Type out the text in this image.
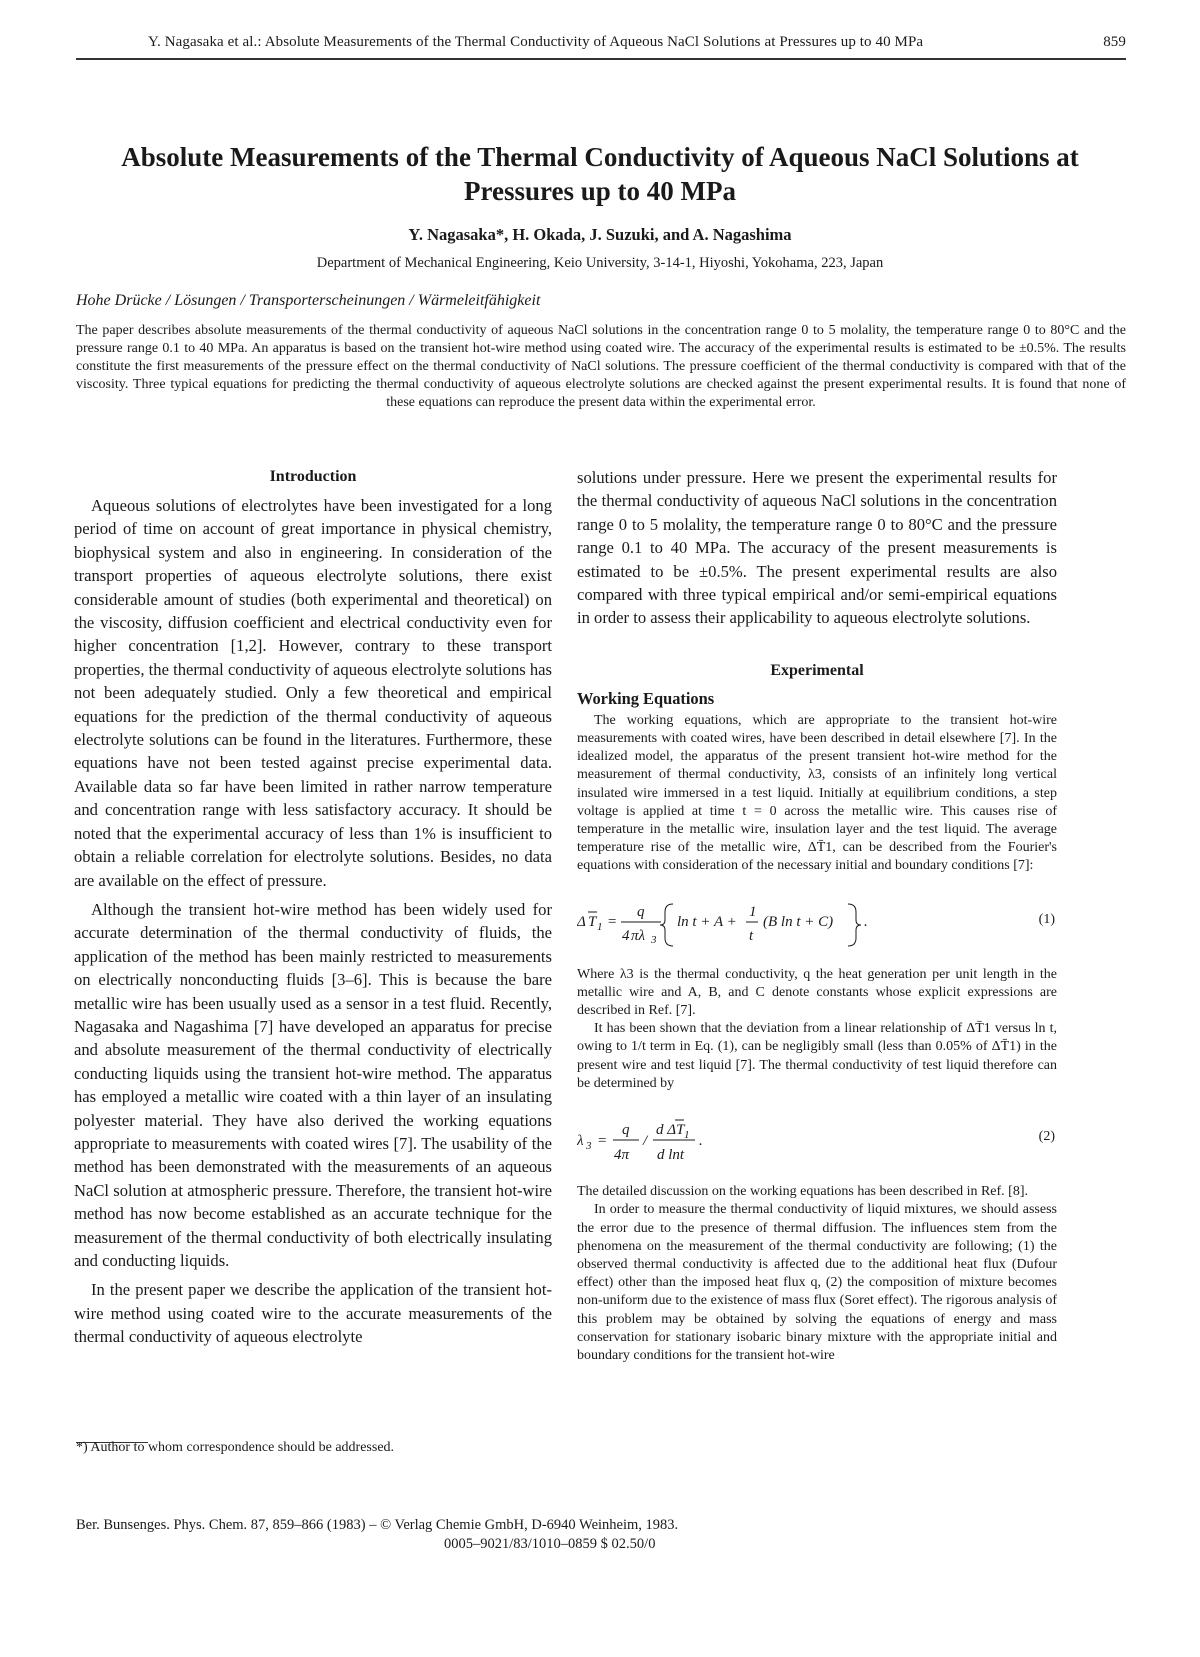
Y. Nagasaka et al.: Absolute Measurements of the Thermal Conductivity of Aqueous NaCl Solutions at Pressures up to 40 MPa	859
Absolute Measurements of the Thermal Conductivity of Aqueous NaCl Solutions at Pressures up to 40 MPa
Y. Nagasaka*, H. Okada, J. Suzuki, and A. Nagashima
Department of Mechanical Engineering, Keio University, 3-14-1, Hiyoshi, Yokohama, 223, Japan
Hohe Drücke / Lösungen / Transporterscheinungen / Wärmeleitfähigkeit

The paper describes absolute measurements of the thermal conductivity of aqueous NaCl solutions in the concentration range 0 to 5 molality, the temperature range 0 to 80°C and the pressure range 0.1 to 40 MPa. An apparatus is based on the transient hot-wire method using coated wire. The accuracy of the experimental results is estimated to be ±0.5%. The results constitute the first measurements of the pressure effect on the thermal conductivity of NaCl solutions. The pressure coefficient of the thermal conductivity is compared with that of the viscosity. Three typical equations for predicting the thermal conductivity of aqueous electrolyte solutions are checked against the present experimental results. It is found that none of these equations can reproduce the present data within the experimental error.

Introduction

Aqueous solutions of electrolytes have been investigated for a long period of time on account of great importance in physical chemistry, biophysical system and also in engineering. In consideration of the transport properties of aqueous electrolyte solutions, there exist considerable amount of studies (both experimental and theoretical) on the viscosity, diffusion coefficient and electrical conductivity even for higher concentration [1,2]. However, contrary to these transport properties, the thermal conductivity of aqueous electrolyte solutions has not been adequately studied. Only a few theoretical and empirical equations for the prediction of the thermal conductivity of aqueous electrolyte solutions can be found in the literatures. Furthermore, these equations have not been tested against precise experimental data. Available data so far have been limited in rather narrow temperature and concentration range with less satisfactory accuracy. It should be noted that the experimental accuracy of less than 1% is insufficient to obtain a reliable correlation for electrolyte solutions. Besides, no data are available on the effect of pressure.

Although the transient hot-wire method has been widely used for accurate determination of the thermal conductivity of fluids, the application of the method has been mainly restricted to measurements on electrically nonconducting fluids [3–6]. This is because the bare metallic wire has been usually used as a sensor in a test fluid. Recently, Nagasaka and Nagashima [7] have developed an apparatus for precise and absolute measurement of the thermal conductivity of electrically conducting liquids using the transient hot-wire method. The apparatus has employed a metallic wire coated with a thin layer of an insulating polyester material. They have also derived the working equations appropriate to measurements with coated wires [7]. The usability of the method has been demonstrated with the measurements of an aqueous NaCl solution at atmospheric pressure. Therefore, the transient hot-wire method has now become established as an accurate technique for the measurement of the thermal conductivity of both electrically insulating and conducting liquids.

In the present paper we describe the application of the transient hot-wire method using coated wire to the accurate measurements of the thermal conductivity of aqueous electrolyte

solutions under pressure. Here we present the experimental results for the thermal conductivity of aqueous NaCl solutions in the concentration range 0 to 5 molality, the temperature range 0 to 80°C and the pressure range 0.1 to 40 MPa. The accuracy of the present measurements is estimated to be ±0.5%. The present experimental results are also compared with three typical empirical and/or semi-empirical equations in order to assess their applicability to aqueous electrolyte solutions.

Experimental
Working Equations

The working equations, which are appropriate to the transient hot-wire measurements with coated wires, have been described in detail elsewhere [7]. In the idealized model, the apparatus of the present transient hot-wire method for the measurement of thermal conductivity, λ3, consists of an infinitely long vertical insulated wire immersed in a test liquid. Initially at equilibrium conditions, a step voltage is applied at time t = 0 across the metallic wire. This causes rise of temperature in the metallic wire, insulation layer and the test liquid. The average temperature rise of the metallic wire, ΔT̄1, can be described from the Fourier's equations with consideration of the necessary initial and boundary conditions [7]:

Δ T 1 =
q
4 πλ 3
ln t + A +
1
t
(B ln t + C) .	(1)

Where λ3 is the thermal conductivity, q the heat generation per unit length in the metallic wire and A, B, and C denote constants whose explicit expressions are described in Ref. [7].

It has been shown that the deviation from a linear relationship of ΔT̄1 versus ln t, owing to 1/t term in Eq. (1), can be negligibly small (less than 0.05% of ΔT̄1) in the present wire and test liquid [7]. The thermal conductivity of test liquid therefore can be determined by

λ 3 =
q
4π
/
d ΔT 1
d lnt
.	(2)

The detailed discussion on the working equations has been described in Ref. [8].

In order to measure the thermal conductivity of liquid mixtures, we should assess the error due to the presence of thermal diffusion. The influences stem from the phenomena on the measurement of the thermal conductivity are following; (1) the observed thermal conductivity is affected due to the additional heat flux (Dufour effect) other than the imposed heat flux q, (2) the composition of mixture becomes non-uniform due to the existence of mass flux (Soret effect). The rigorous analysis of this problem may be obtained by solving the equations of energy and mass conservation for stationary isobaric binary mixture with the appropriate initial and boundary conditions for the transient hot-wire

*) Author to whom correspondence should be addressed.
Ber. Bunsenges. Phys. Chem. 87, 859–866 (1983) – © Verlag Chemie GmbH, D-6940 Weinheim, 1983.
0005–9021/83/1010–0859 $ 02.50/0
